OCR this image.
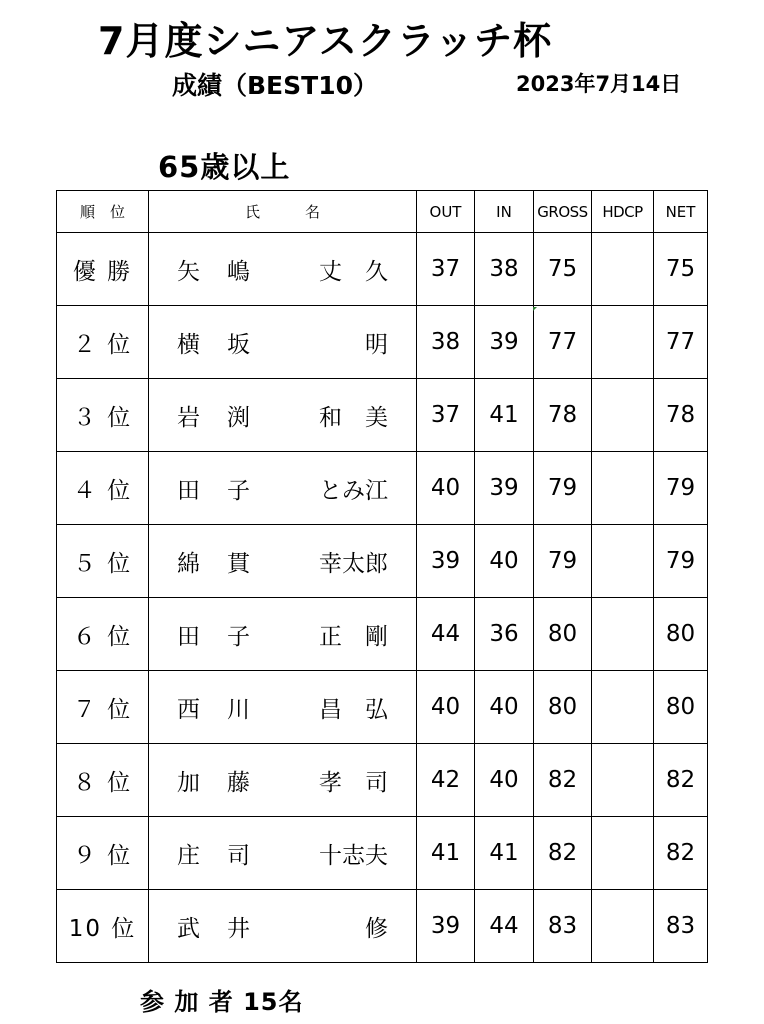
7月度シニアスクラッチ杯
成績（BEST10）	2023年7月14日
65歳以上
順　位	氏　　　名	OUT	IN	GROSS	HDCP	NET
優 勝	矢　嶋 丈　久	37	38	75		75
２ 位	横　坂 明	38	39	77		77
３ 位	岩　渕 和　美	37	41	78		78
４ 位	田　子 とみ江	40	39	79		79
５ 位	綿　貫 幸太郎	39	40	79		79
６ 位	田　子 正　剛	44	36	80		80
７ 位	西　川 昌　弘	40	40	80		80
８ 位	加　藤 孝　司	42	40	82		82
９ 位	庄　司 十志夫	41	41	82		82
10 位	武　井 修	39	44	83		83
参 加 者 15名
